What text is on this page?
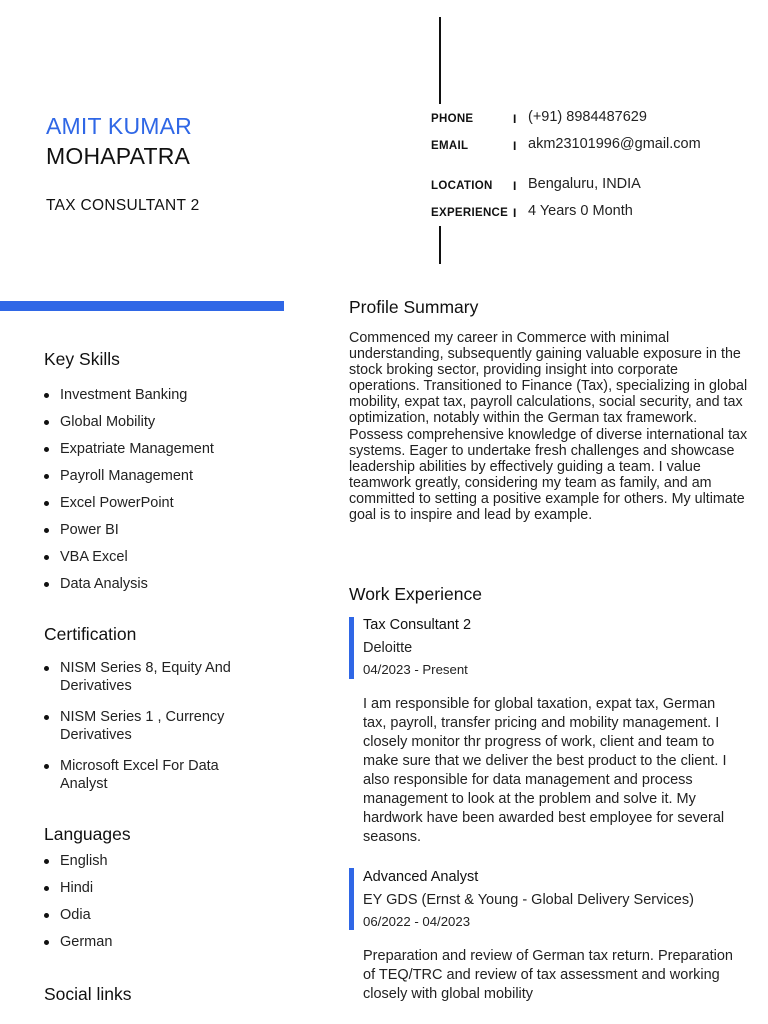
AMIT KUMAR
MOHAPATRA
TAX CONSULTANT 2
PHONE	I (+91) 8984487629
EMAIL	I akm23101996@gmail.com
LOCATION	I Bengaluru, INDIA
EXPERIENCE I 4 Years 0 Month
Key Skills
Investment Banking
Global Mobility
Expatriate Management
Payroll Management
Excel PowerPoint
Power BI
VBA Excel
Data Analysis
Certification
NISM Series 8, Equity And Derivatives
NISM Series 1 , Currency Derivatives
Microsoft Excel For Data Analyst
Languages
English
Hindi
Odia
German
Social links
Profile Summary
Commenced my career in Commerce with minimal understanding, subsequently gaining valuable exposure in the stock broking sector, providing insight into corporate operations. Transitioned to Finance (Tax), specializing in global mobility, expat tax, payroll calculations, social security, and tax optimization, notably within the German tax framework. Possess comprehensive knowledge of diverse international tax systems. Eager to undertake fresh challenges and showcase leadership abilities by effectively guiding a team. I value teamwork greatly, considering my team as family, and am committed to setting a positive example for others. My ultimate goal is to inspire and lead by example.
Work Experience
Tax Consultant 2
Deloitte
04/2023 - Present
I am responsible for global taxation, expat tax, German tax, payroll, transfer pricing and mobility management. I closely monitor thr progress of work, client and team to make sure that we deliver the best product to the client. I also responsible for data management and process management to look at the problem and solve it. My hardwork have been awarded best employee for several seasons.
Advanced Analyst
EY GDS (Ernst & Young - Global Delivery Services)
06/2022 - 04/2023
Preparation and review of German tax return. Preparation of TEQ/TRC and review of tax assessment and working closely with global mobility
